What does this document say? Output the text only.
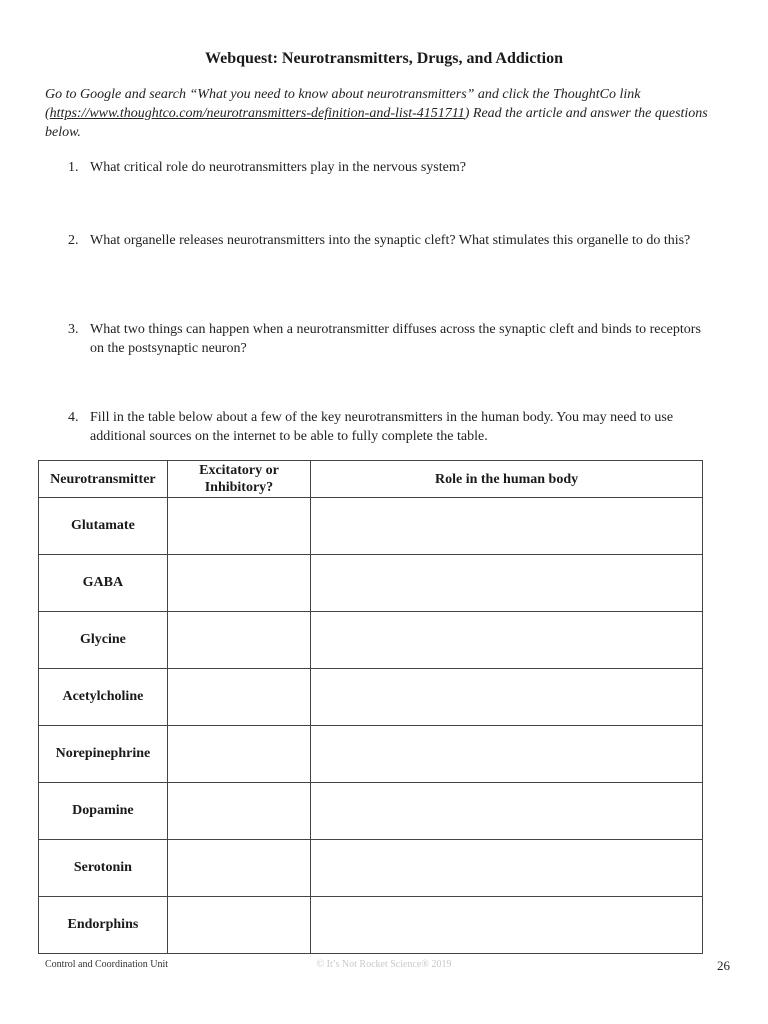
Webquest: Neurotransmitters, Drugs, and Addiction
Go to Google and search “What you need to know about neurotransmitters” and click the ThoughtCo link (https://www.thoughtco.com/neurotransmitters-definition-and-list-4151711) Read the article and answer the questions below.
1. What critical role do neurotransmitters play in the nervous system?
2. What organelle releases neurotransmitters into the synaptic cleft? What stimulates this organelle to do this?
3. What two things can happen when a neurotransmitter diffuses across the synaptic cleft and binds to receptors on the postsynaptic neuron?
4. Fill in the table below about a few of the key neurotransmitters in the human body. You may need to use additional sources on the internet to be able to fully complete the table.
Neurotransmitter	Excitatory or Inhibitory?	Role in the human body
Glutamate		
GABA		
Glycine		
Acetylcholine		
Norepinephrine		
Dopamine		
Serotonin		
Endorphins		
Control and Coordination Unit	© It’s Not Rocket Science® 2019	26
